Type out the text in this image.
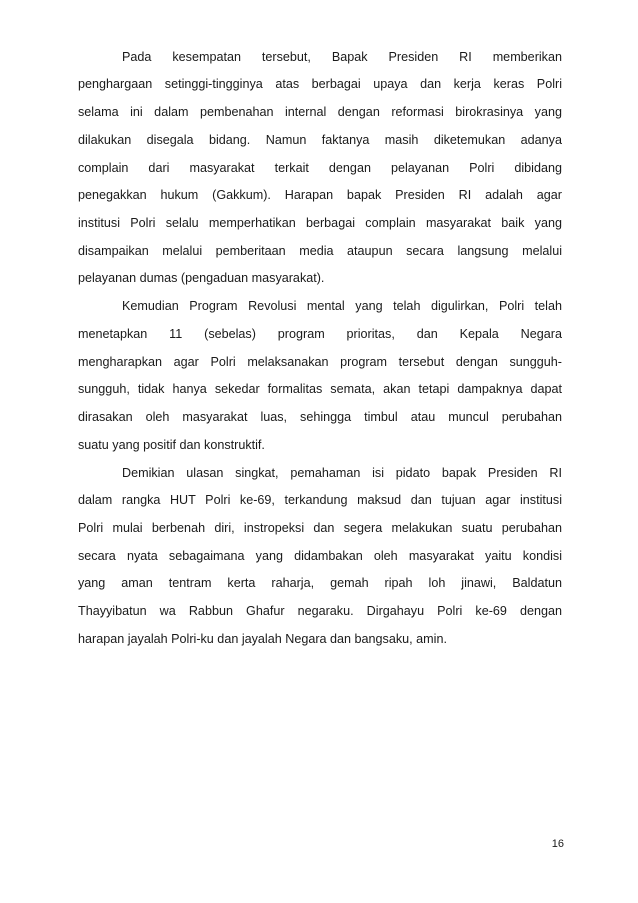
Pada kesempatan tersebut, Bapak Presiden RI memberikan
penghargaan setinggi-tingginya atas berbagai upaya dan kerja keras Polri
selama ini dalam pembenahan internal dengan reformasi birokrasinya yang
dilakukan disegala bidang. Namun faktanya masih diketemukan adanya
complain dari masyarakat terkait dengan pelayanan Polri dibidang
penegakkan hukum (Gakkum). Harapan bapak Presiden RI adalah agar
institusi Polri selalu memperhatikan berbagai complain masyarakat baik yang
disampaikan melalui pemberitaan media ataupun secara langsung melalui
pelayanan dumas (pengaduan masyarakat).
Kemudian Program Revolusi mental yang telah digulirkan, Polri telah
menetapkan 11 (sebelas) program prioritas, dan Kepala Negara
mengharapkan agar Polri melaksanakan program tersebut dengan sungguh-
sungguh, tidak hanya sekedar formalitas semata, akan tetapi dampaknya dapat
dirasakan oleh masyarakat luas, sehingga timbul atau muncul perubahan
suatu yang positif dan konstruktif.
Demikian ulasan singkat, pemahaman isi pidato bapak Presiden RI
dalam rangka HUT Polri ke-69, terkandung maksud dan tujuan agar institusi
Polri mulai berbenah diri, instropeksi dan segera melakukan suatu perubahan
secara nyata sebagaimana yang didambakan oleh masyarakat yaitu kondisi
yang aman tentram kerta raharja, gemah ripah loh jinawi, Baldatun
Thayyibatun wa Rabbun Ghafur negaraku. Dirgahayu Polri ke-69 dengan
harapan jayalah Polri-ku dan jayalah Negara dan bangsaku, amin.
16
